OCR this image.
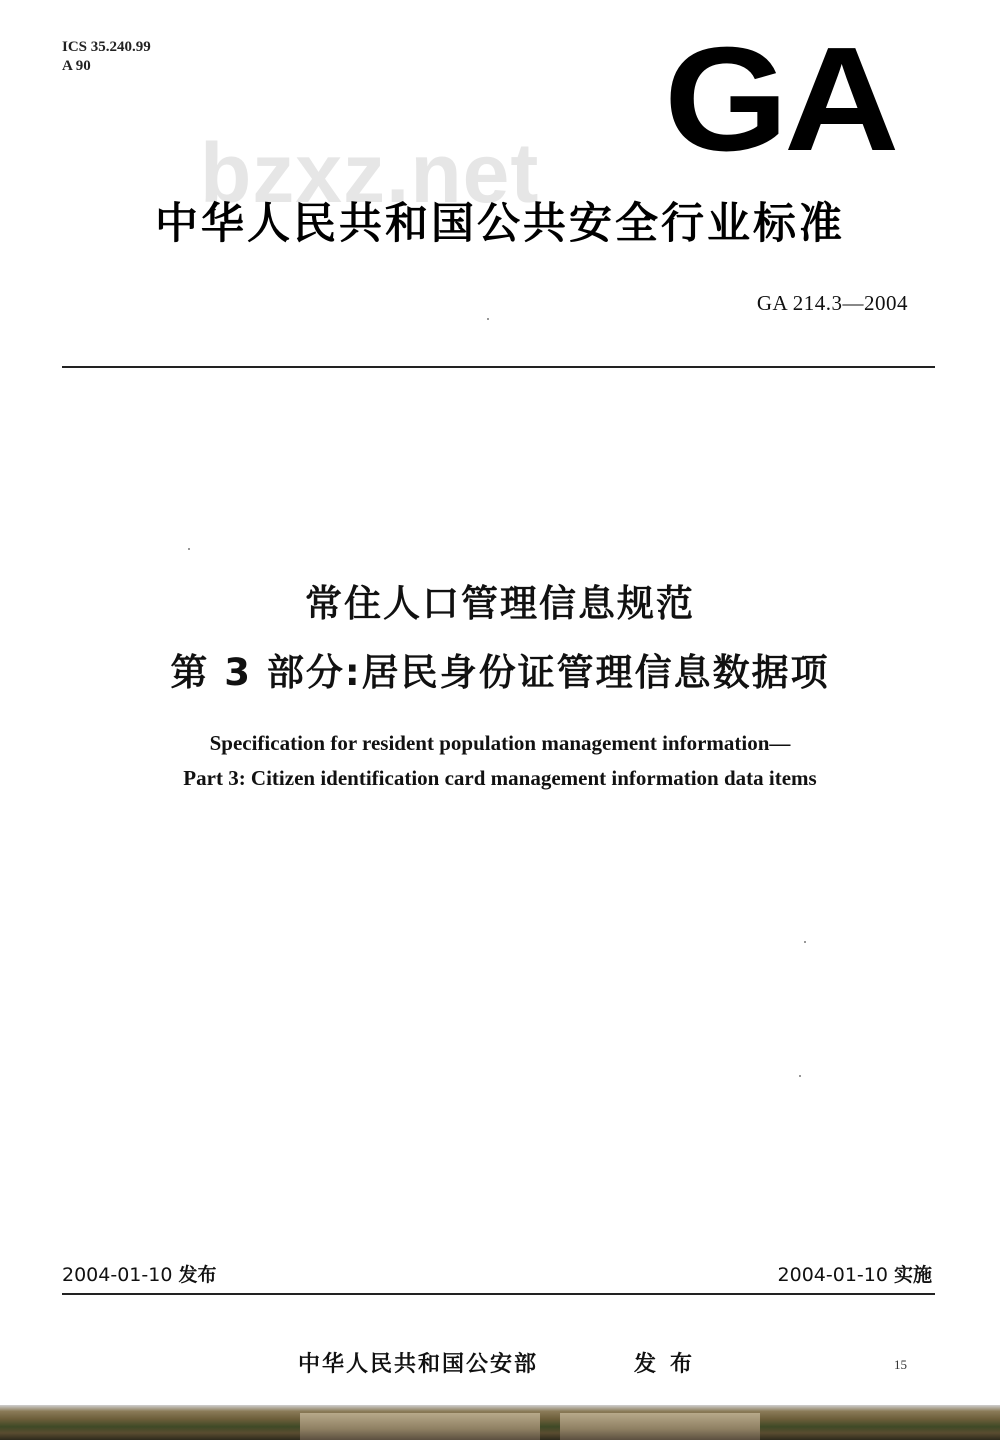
ICS 35.240.99
A 90	GA
bzxz.net
中华人民共和国公共安全行业标准
GA 214.3—2004
常住人口管理信息规范
第 3 部分:居民身份证管理信息数据项
Specification for resident population management information—
Part 3: Citizen identification card management information data items
2004-01-10 发布	2004-01-10 实施
中华人民共和国公安部	发布	15
